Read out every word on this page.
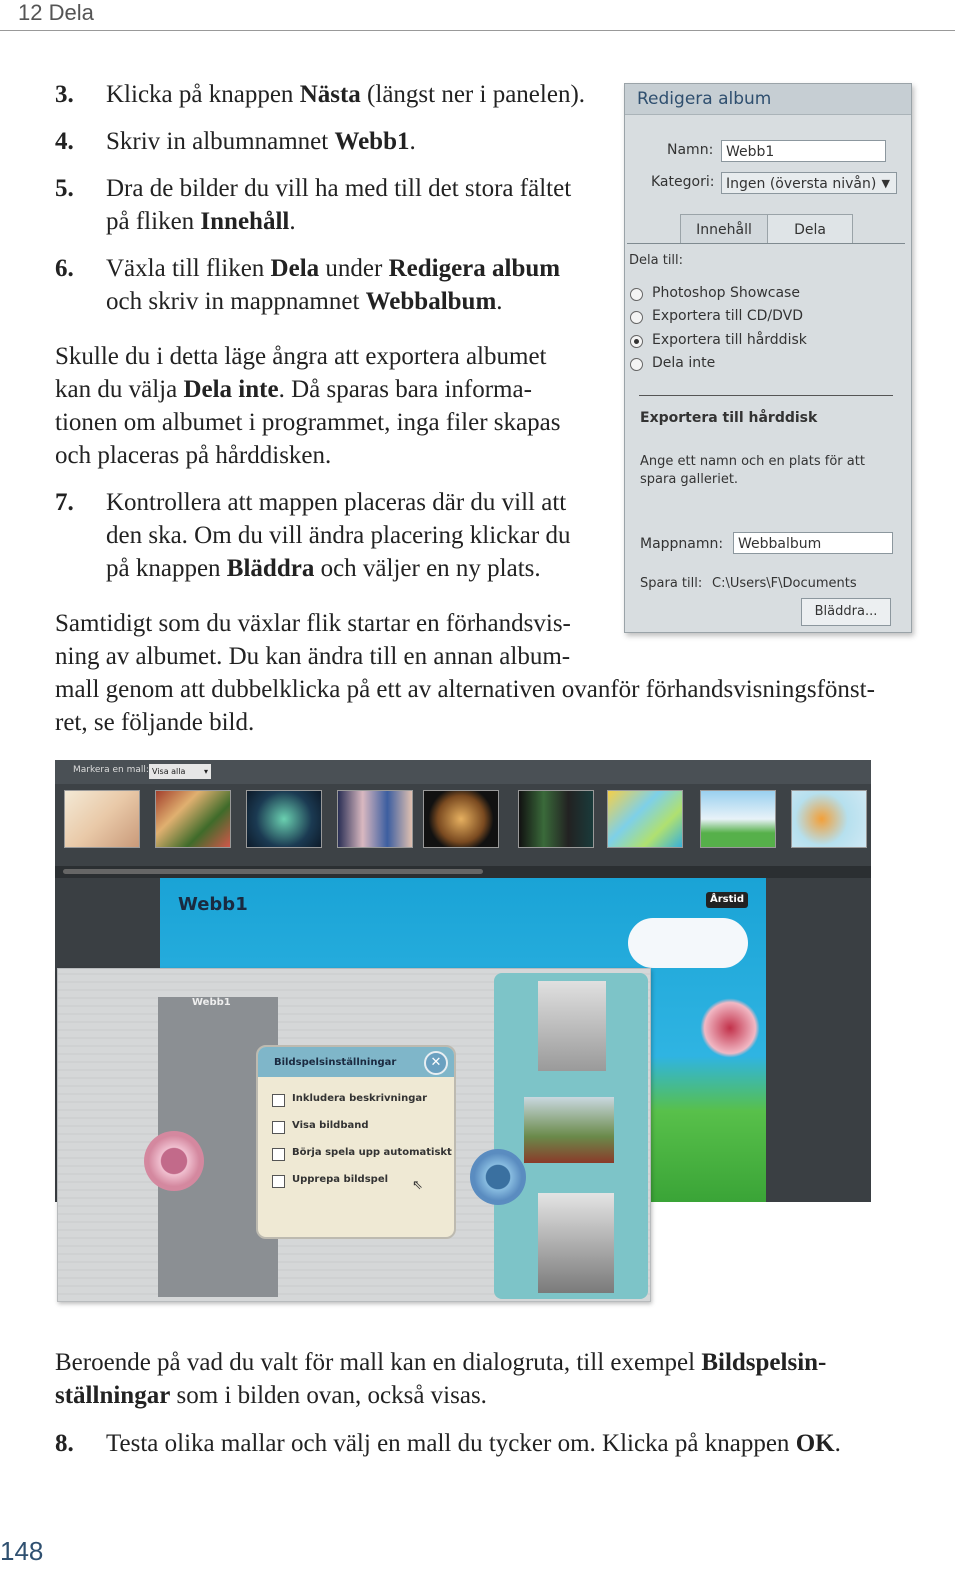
12 Dela
3. Klicka på knappen Nästa (längst ner i panelen).
4. Skriv in albumnamnet Webb1.
5. Dra de bilder du vill ha med till det stora fältet
på fliken Innehåll.
6. Växla till fliken Dela under Redigera album
och skriv in mappnamnet Webbalbum.
Skulle du i detta läge ångra att exportera albumet
kan du välja Dela inte. Då sparas bara informa-
tionen om albumet i programmet, inga filer skapas
och placeras på hårddisken.
7. Kontrollera att mappen placeras där du vill att
den ska. Om du vill ändra placering klickar du
på knappen Bläddra och väljer en ny plats.
Samtidigt som du växlar flik startar en förhandsvis-
ning av albumet. Du kan ändra till en annan album-
mall genom att dubbelklicka på ett av alternativen ovanför förhandsvisningsfönst-
ret, se följande bild.
Redigera album
Namn: Webb1
Kategori: Ingen (översta nivån) ▼
Innehåll	Dela
Dela till:
Photoshop Showcase
Exportera till CD/DVD
Exportera till hårddisk
Dela inte
Exportera till hårddisk
Ange ett namn och en plats för att
spara galleriet.
Mappnamn:	Webbalbum
Spara till: C:\Users\F\Documents
Bläddra...
Markera en mall: Visa alla ▾
Webb1	Årstid
Webb1
Bildspelsinställningar	✕
Inkludera beskrivningar
Visa bildband
Börja spela upp automatiskt
Upprepa bildspel ⇖
Beroende på vad du valt för mall kan en dialogruta, till exempel Bildspelsin-
ställningar som i bilden ovan, också visas.
8. Testa olika mallar och välj en mall du tycker om. Klicka på knappen OK.
148
